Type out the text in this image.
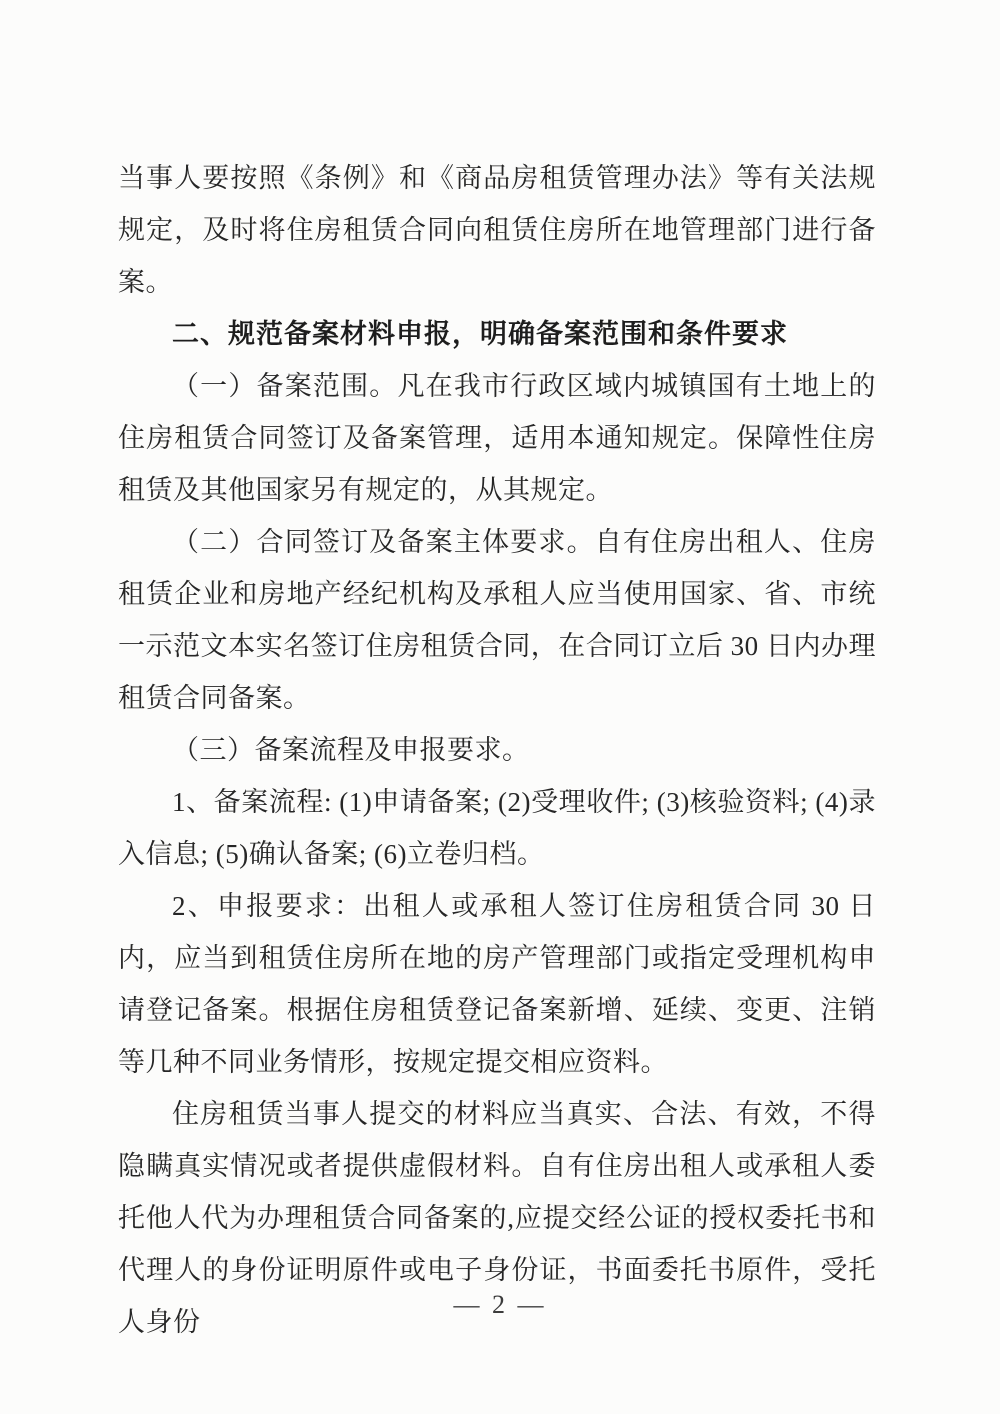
当事人要按照《条例》和《商品房租赁管理办法》等有关法规规定，及时将住房租赁合同向租赁住房所在地管理部门进行备案。

二、规范备案材料申报，明确备案范围和条件要求

（一）备案范围。凡在我市行政区域内城镇国有土地上的住房租赁合同签订及备案管理，适用本通知规定。保障性住房租赁及其他国家另有规定的，从其规定。

（二）合同签订及备案主体要求。自有住房出租人、住房租赁企业和房地产经纪机构及承租人应当使用国家、省、市统一示范文本实名签订住房租赁合同，在合同订立后 30 日内办理租赁合同备案。

（三）备案流程及申报要求。

1、备案流程: (1)申请备案; (2)受理收件; (3)核验资料; (4)录入信息; (5)确认备案; (6)立卷归档。

2、申报要求：出租人或承租人签订住房租赁合同 30 日内，应当到租赁住房所在地的房产管理部门或指定受理机构申请登记备案。根据住房租赁登记备案新增、延续、变更、注销等几种不同业务情形，按规定提交相应资料。

住房租赁当事人提交的材料应当真实、合法、有效，不得隐瞒真实情况或者提供虚假材料。自有住房出租人或承租人委托他人代为办理租赁合同备案的,应提交经公证的授权委托书和代理人的身份证明原件或电子身份证，书面委托书原件，受托人身份

— 2 —
